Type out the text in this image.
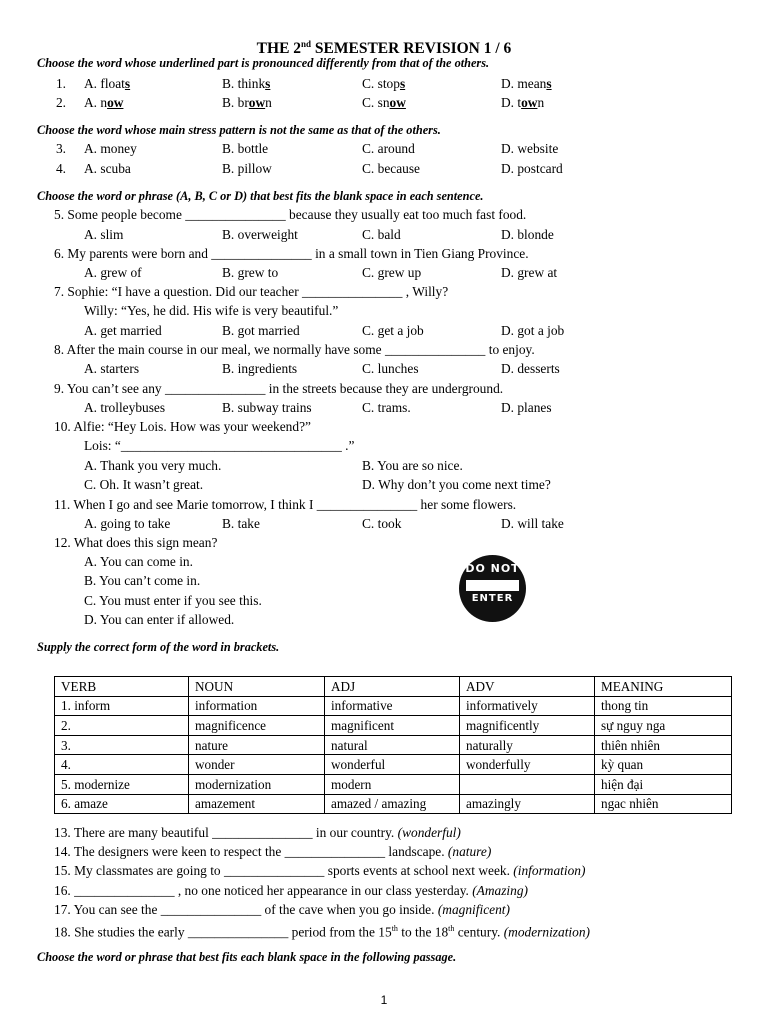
THE 2nd SEMESTER REVISION 1 / 6
Choose the word whose underlined part is pronounced differently from that of the others.
1. A. floats	B. thinks	C. stops	D. means
2. A. now	B. brown	C. snow	D. town
Choose the word whose main stress pattern is not the same as that of the others.
3. A. money	B. bottle	C. around	D. website
4. A. scuba	B. pillow	C. because	D. postcard
Choose the word or phrase (A, B, C or D) that best fits the blank space in each sentence.
5. Some people become _______________ because they usually eat too much fast food.
A. slim	B. overweight	C. bald	D. blonde
6. My parents were born and _______________ in a small town in Tien Giang Province.
A. grew of	B. grew to	C. grew up	D. grew at
7. Sophie: “I have a question. Did our teacher _______________ , Willy?
Willy: “Yes, he did. His wife is very beautiful.”
A. get married	B. got married	C. get a job	D. got a job
8. After the main course in our meal, we normally have some _______________ to enjoy.
A. starters	B. ingredients	C. lunches	D. desserts
9. You can’t see any _______________ in the streets because they are underground.
A. trolleybuses	B. subway trains	C. trams.	D. planes
10. Alfie: “Hey Lois. How was your weekend?”
Lois: “_________________________________ .”
A. Thank you very much.	B. You are so nice.
C. Oh. It wasn’t great.	D. Why don’t you come next time?
11. When I go and see Marie tomorrow, I think I _______________ her some flowers.
A. going to take	B. take	C. took	D. will take
12. What does this sign mean?
A. You can come in.
B. You can’t come in.
C. You must enter if you see this.
D. You can enter if allowed.
DO NOT
ENTER
Supply the correct form of the word in brackets.
VERB	NOUN	ADJ	ADV	MEANING
1. inform	information	informative	informatively	thong tin
2.	magnificence	magnificent	magnificently	sự nguy nga
3.	nature	natural	naturally	thiên nhiên
4.	wonder	wonderful	wonderfully	kỳ quan
5. modernize	modernization	modern		hiện đại
6. amaze	amazement	amazed / amazing	amazingly	ngac nhiên
13. There are many beautiful _______________ in our country. (wonderful)
14. The designers were keen to respect the _______________ landscape. (nature)
15. My classmates are going to _______________ sports events at school next week. (information)
16. _______________ , no one noticed her appearance in our class yesterday. (Amazing)
17. You can see the _______________ of the cave when you go inside. (magnificent)
18. She studies the early _______________ period from the 15th to the 18th century. (modernization)
Choose the word or phrase that best fits each blank space in the following passage.
1
